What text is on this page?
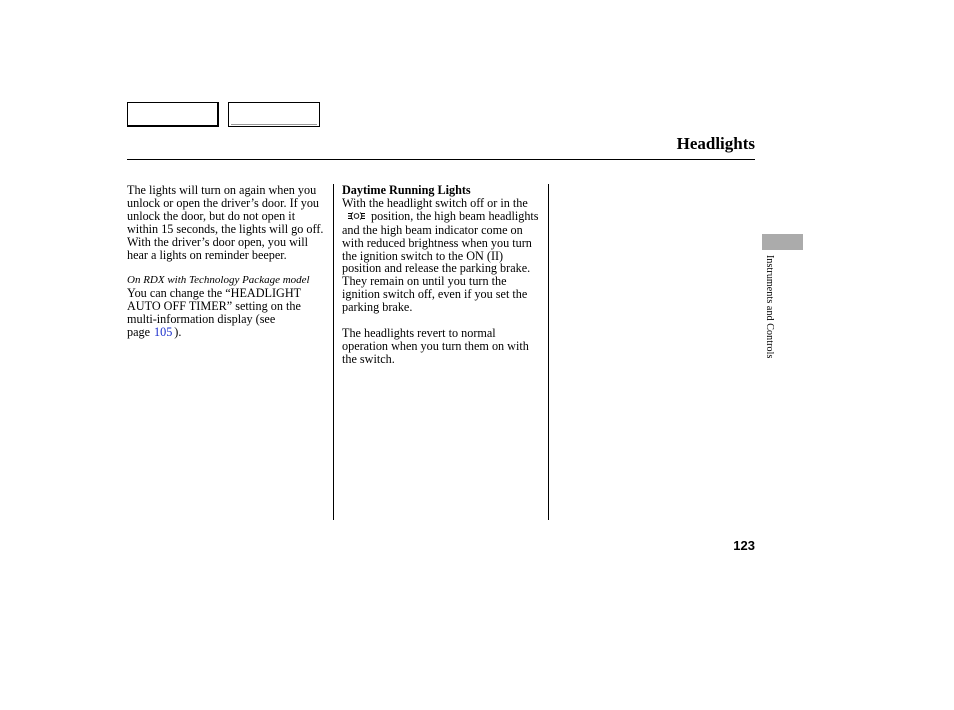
Headlights

The lights will turn on again when you unlock or open the driver’s door. If you unlock the door, but do not open it within 15 seconds, the lights will go off. With the driver’s door open, you will hear a lights on reminder beeper.

On RDX with Technology Package model

You can change the “HEADLIGHT AUTO OFF TIMER” setting on the multi-information display (see page 105 ).

Daytime Running Lights

With the headlight switch off or in theposition, the high beam headlights and the high beam indicator come on with reduced brightness when you turn the ignition switch to the ON (II) position and release the parking brake. They remain on until you turn the ignition switch off, even if you set the parking brake.

The headlights revert to normal operation when you turn them on with the switch.

Instruments and Controls
123
